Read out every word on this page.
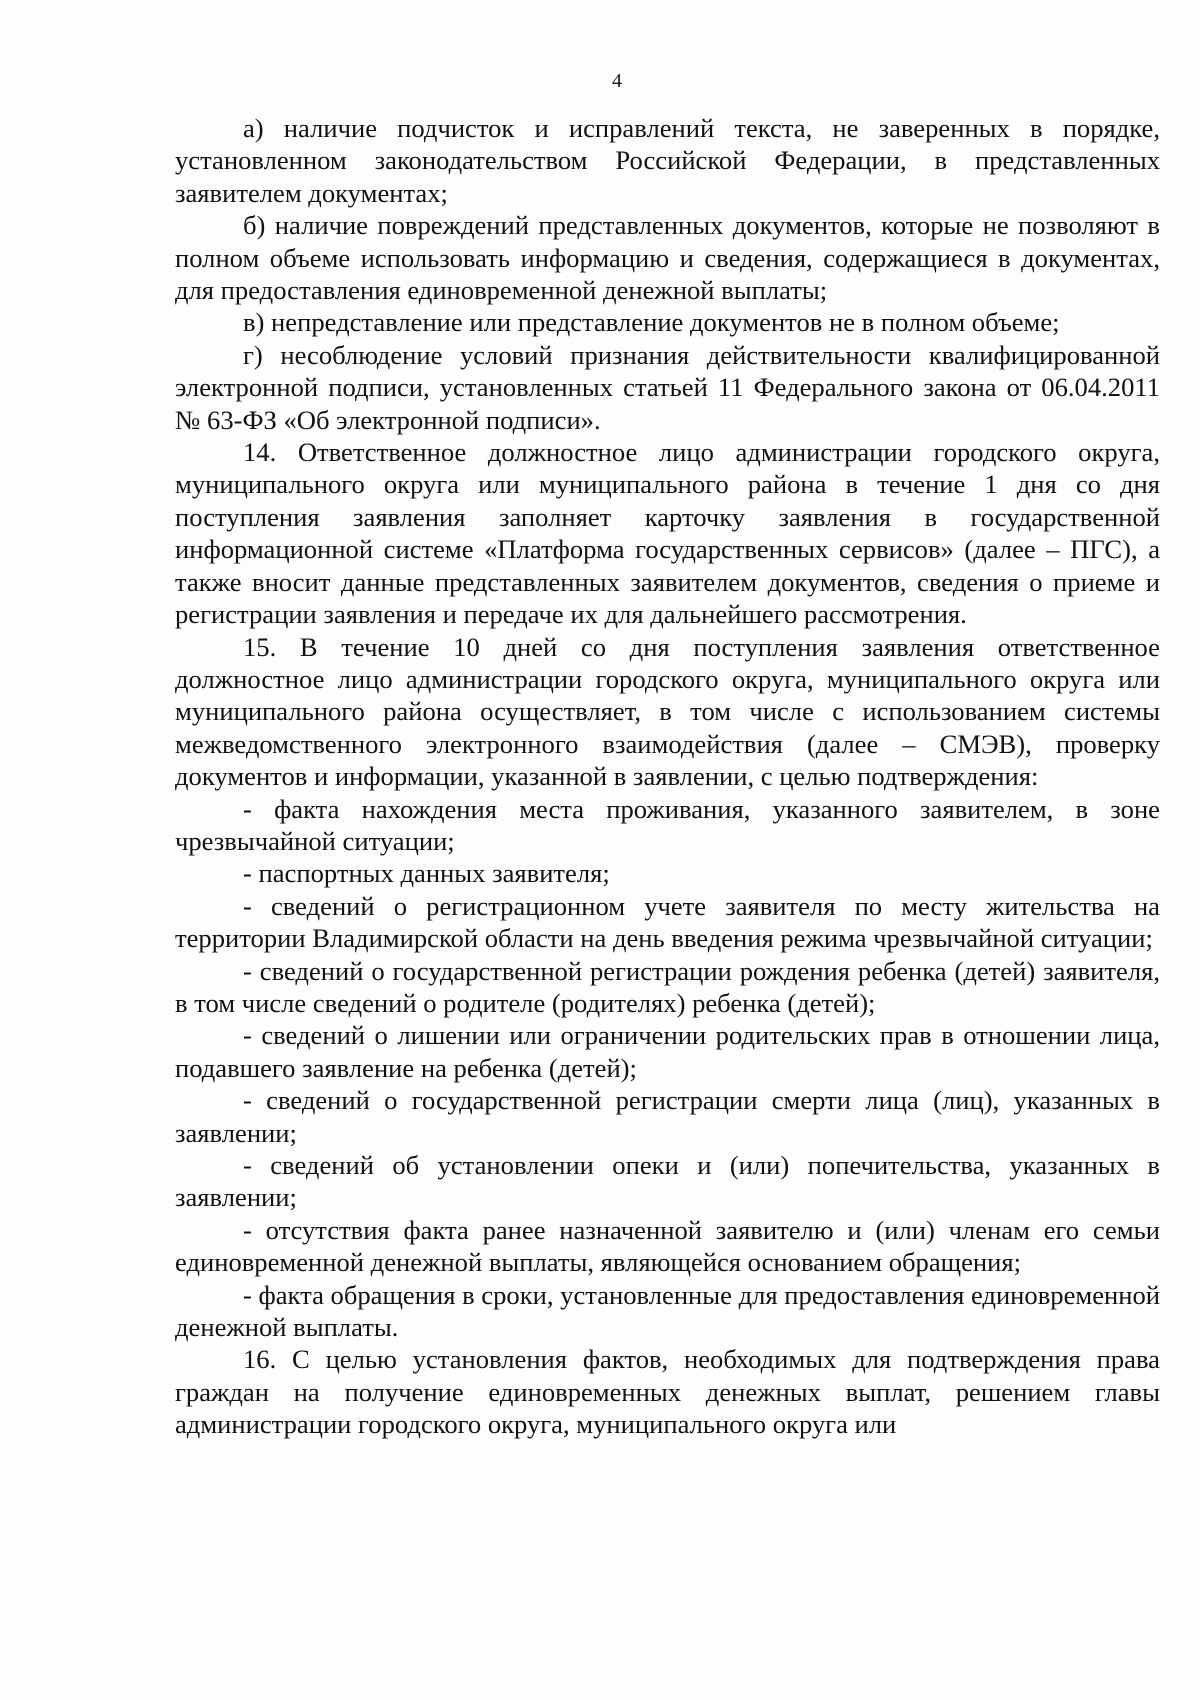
4

а) наличие подчисток и исправлений текста, не заверенных в порядке, установленном законодательством Российской Федерации, в представленных заявителем документах;

б) наличие повреждений представленных документов, которые не позволяют в полном объеме использовать информацию и сведения, содержащиеся в документах, для предоставления единовременной денежной выплаты;

в) непредставление или представление документов не в полном объеме;

г) несоблюдение условий признания действительности квалифицированной электронной подписи, установленных статьей 11 Федерального закона от 06.04.2011 № 63-ФЗ «Об электронной подписи».

14. Ответственное должностное лицо администрации городского округа, муниципального округа или муниципального района в течение 1 дня со дня поступления заявления заполняет карточку заявления в государственной информационной системе «Платформа государственных сервисов» (далее – ПГС), а также вносит данные представленных заявителем документов, сведения о приеме и регистрации заявления и передаче их для дальнейшего рассмотрения.

15. В течение 10 дней со дня поступления заявления ответственное должностное лицо администрации городского округа, муниципального округа или муниципального района осуществляет, в том числе с использованием системы межведомственного электронного взаимодействия (далее – СМЭВ), проверку документов и информации, указанной в заявлении, с целью подтверждения:

- факта нахождения места проживания, указанного заявителем, в зоне чрезвычайной ситуации;

- паспортных данных заявителя;

- сведений о регистрационном учете заявителя по месту жительства на территории Владимирской области на день введения режима чрезвычайной ситуации;

- сведений о государственной регистрации рождения ребенка (детей) заявителя, в том числе сведений о родителе (родителях) ребенка (детей);

- сведений о лишении или ограничении родительских прав в отношении лица, подавшего заявление на ребенка (детей);

- сведений о государственной регистрации смерти лица (лиц), указанных в заявлении;

- сведений об установлении опеки и (или) попечительства, указанных в заявлении;

- отсутствия факта ранее назначенной заявителю и (или) членам его семьи единовременной денежной выплаты, являющейся основанием обращения;

- факта обращения в сроки, установленные для предоставления единовременной денежной выплаты.

16. С целью установления фактов, необходимых для подтверждения права граждан на получение единовременных денежных выплат, решением главы администрации городского округа, муниципального округа или
